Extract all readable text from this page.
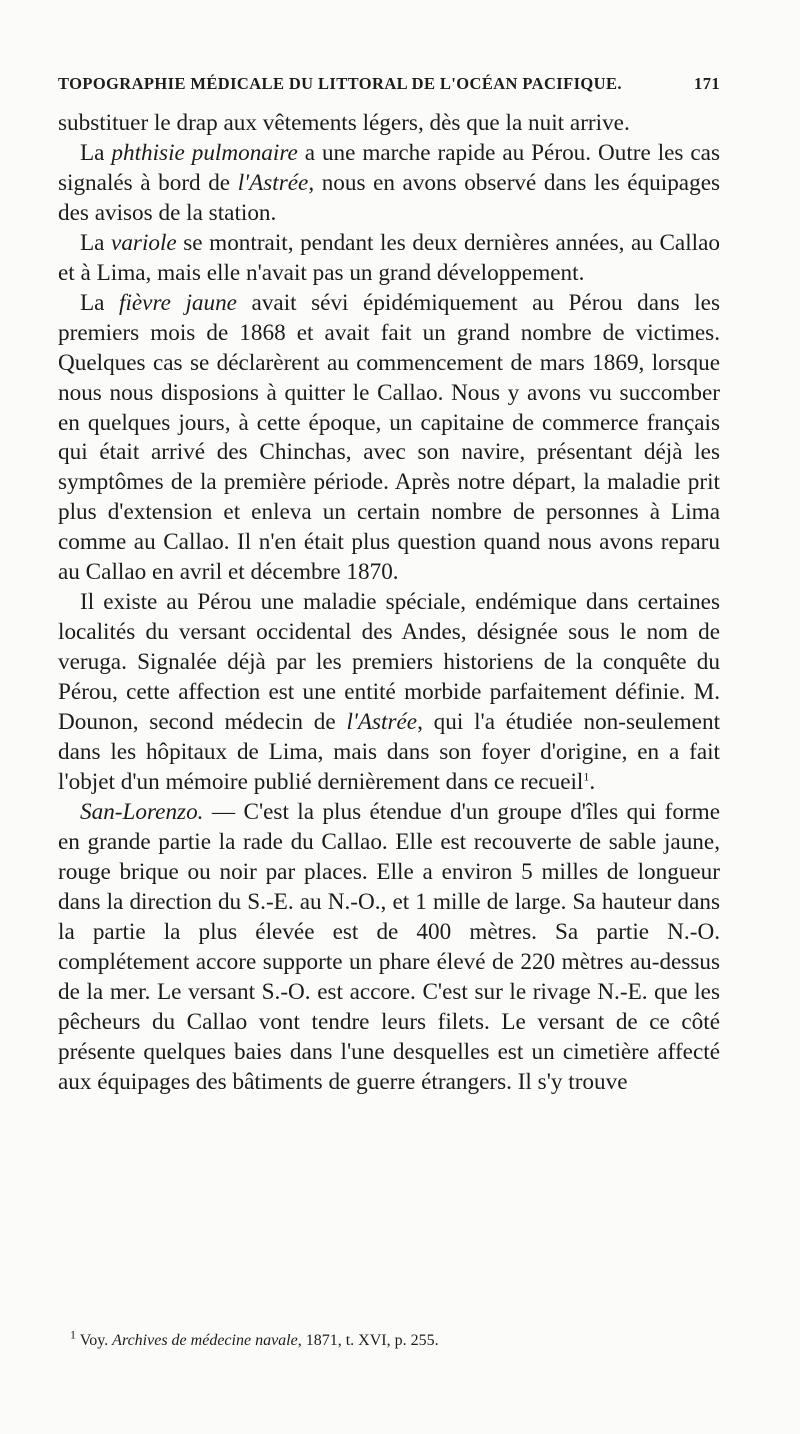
TOPOGRAPHIE MÉDICALE DU LITTORAL DE L'OCÉAN PACIFIQUE.	171

substituer le drap aux vêtements légers, dès que la nuit arrive.

La phthisie pulmonaire a une marche rapide au Pérou. Outre les cas signalés à bord de l'Astrée, nous en avons observé dans les équipages des avisos de la station.

La variole se montrait, pendant les deux dernières années, au Callao et à Lima, mais elle n'avait pas un grand développement.

La fièvre jaune avait sévi épidémiquement au Pérou dans les premiers mois de 1868 et avait fait un grand nombre de victimes. Quelques cas se déclarèrent au commencement de mars 1869, lorsque nous nous disposions à quitter le Callao. Nous y avons vu succomber en quelques jours, à cette époque, un capitaine de commerce français qui était arrivé des Chinchas, avec son navire, présentant déjà les symptômes de la première période. Après notre départ, la maladie prit plus d'extension et enleva un certain nombre de personnes à Lima comme au Callao. Il n'en était plus question quand nous avons reparu au Callao en avril et décembre 1870.

Il existe au Pérou une maladie spéciale, endémique dans certaines localités du versant occidental des Andes, désignée sous le nom de veruga. Signalée déjà par les premiers historiens de la conquête du Pérou, cette affection est une entité morbide parfaitement définie. M. Dounon, second médecin de l'Astrée, qui l'a étudiée non-seulement dans les hôpitaux de Lima, mais dans son foyer d'origine, en a fait l'objet d'un mémoire publié dernièrement dans ce recueil$^1$.

San-Lorenzo. — C'est la plus étendue d'un groupe d'îles qui forme en grande partie la rade du Callao. Elle est recouverte de sable jaune, rouge brique ou noir par places. Elle a environ 5 milles de longueur dans la direction du S.-E. au N.-O., et 1 mille de large. Sa hauteur dans la partie la plus élevée est de 400 mètres. Sa partie N.-O. complétement accore supporte un phare élevé de 220 mètres au-dessus de la mer. Le versant S.-O. est accore. C'est sur le rivage N.-E. que les pêcheurs du Callao vont tendre leurs filets. Le versant de ce côté présente quelques baies dans l'une desquelles est un cimetière affecté aux équipages des bâtiments de guerre étrangers. Il s'y trouve

$^1$ Voy. Archives de médecine navale, 1871, t. XVI, p. 255.
